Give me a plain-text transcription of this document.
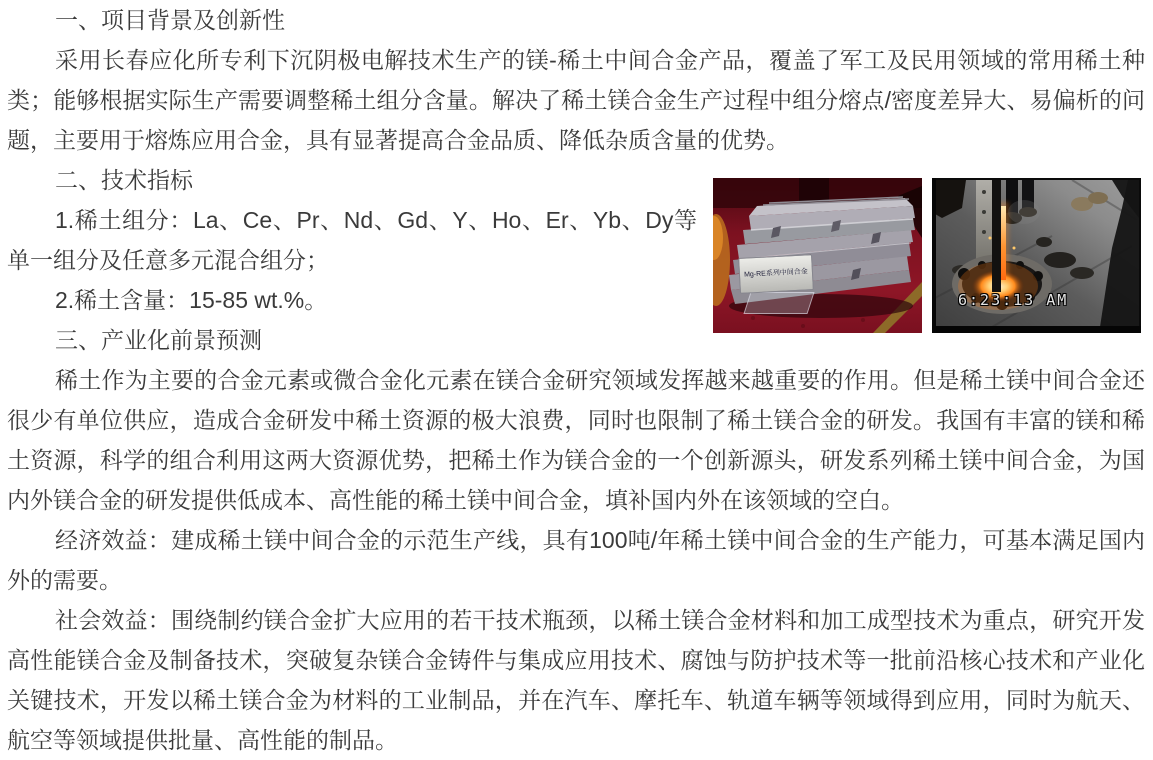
一、项目背景及创新性

采用长春应化所专利下沉阴极电解技术生产的镁-稀土中间合金产品，覆盖了军工及民用领域的常用稀土种类；能够根据实际生产需要调整稀土组分含量。解决了稀土镁合金生产过程中组分熔点/密度差异大、易偏析的问题，主要用于熔炼应用合金，具有显著提高合金品质、降低杂质含量的优势。

Mg-RE系列中间合金
6:23:13 AM

二、技术指标

1.稀土组分：La、Ce、Pr、Nd、Gd、Y、Ho、Er、Yb、Dy等单一组分及任意多元混合组分；

2.稀土含量：15-85 wt.%。

三、产业化前景预测

稀土作为主要的合金元素或微合金化元素在镁合金研究领域发挥越来越重要的作用。但是稀土镁中间合金还很少有单位供应，造成合金研发中稀土资源的极大浪费，同时也限制了稀土镁合金的研发。我国有丰富的镁和稀土资源，科学的组合利用这两大资源优势，把稀土作为镁合金的一个创新源头，研发系列稀土镁中间合金，为国内外镁合金的研发提供低成本、高性能的稀土镁中间合金，填补国内外在该领域的空白。

经济效益：建成稀土镁中间合金的示范生产线，具有100吨/年稀土镁中间合金的生产能力，可基本满足国内外的需要。

社会效益：围绕制约镁合金扩大应用的若干技术瓶颈，以稀土镁合金材料和加工成型技术为重点，研究开发高性能镁合金及制备技术，突破复杂镁合金铸件与集成应用技术、腐蚀与防护技术等一批前沿核心技术和产业化关键技术，开发以稀土镁合金为材料的工业制品，并在汽车、摩托车、轨道车辆等领域得到应用，同时为航天、航空等领域提供批量、高性能的制品。
